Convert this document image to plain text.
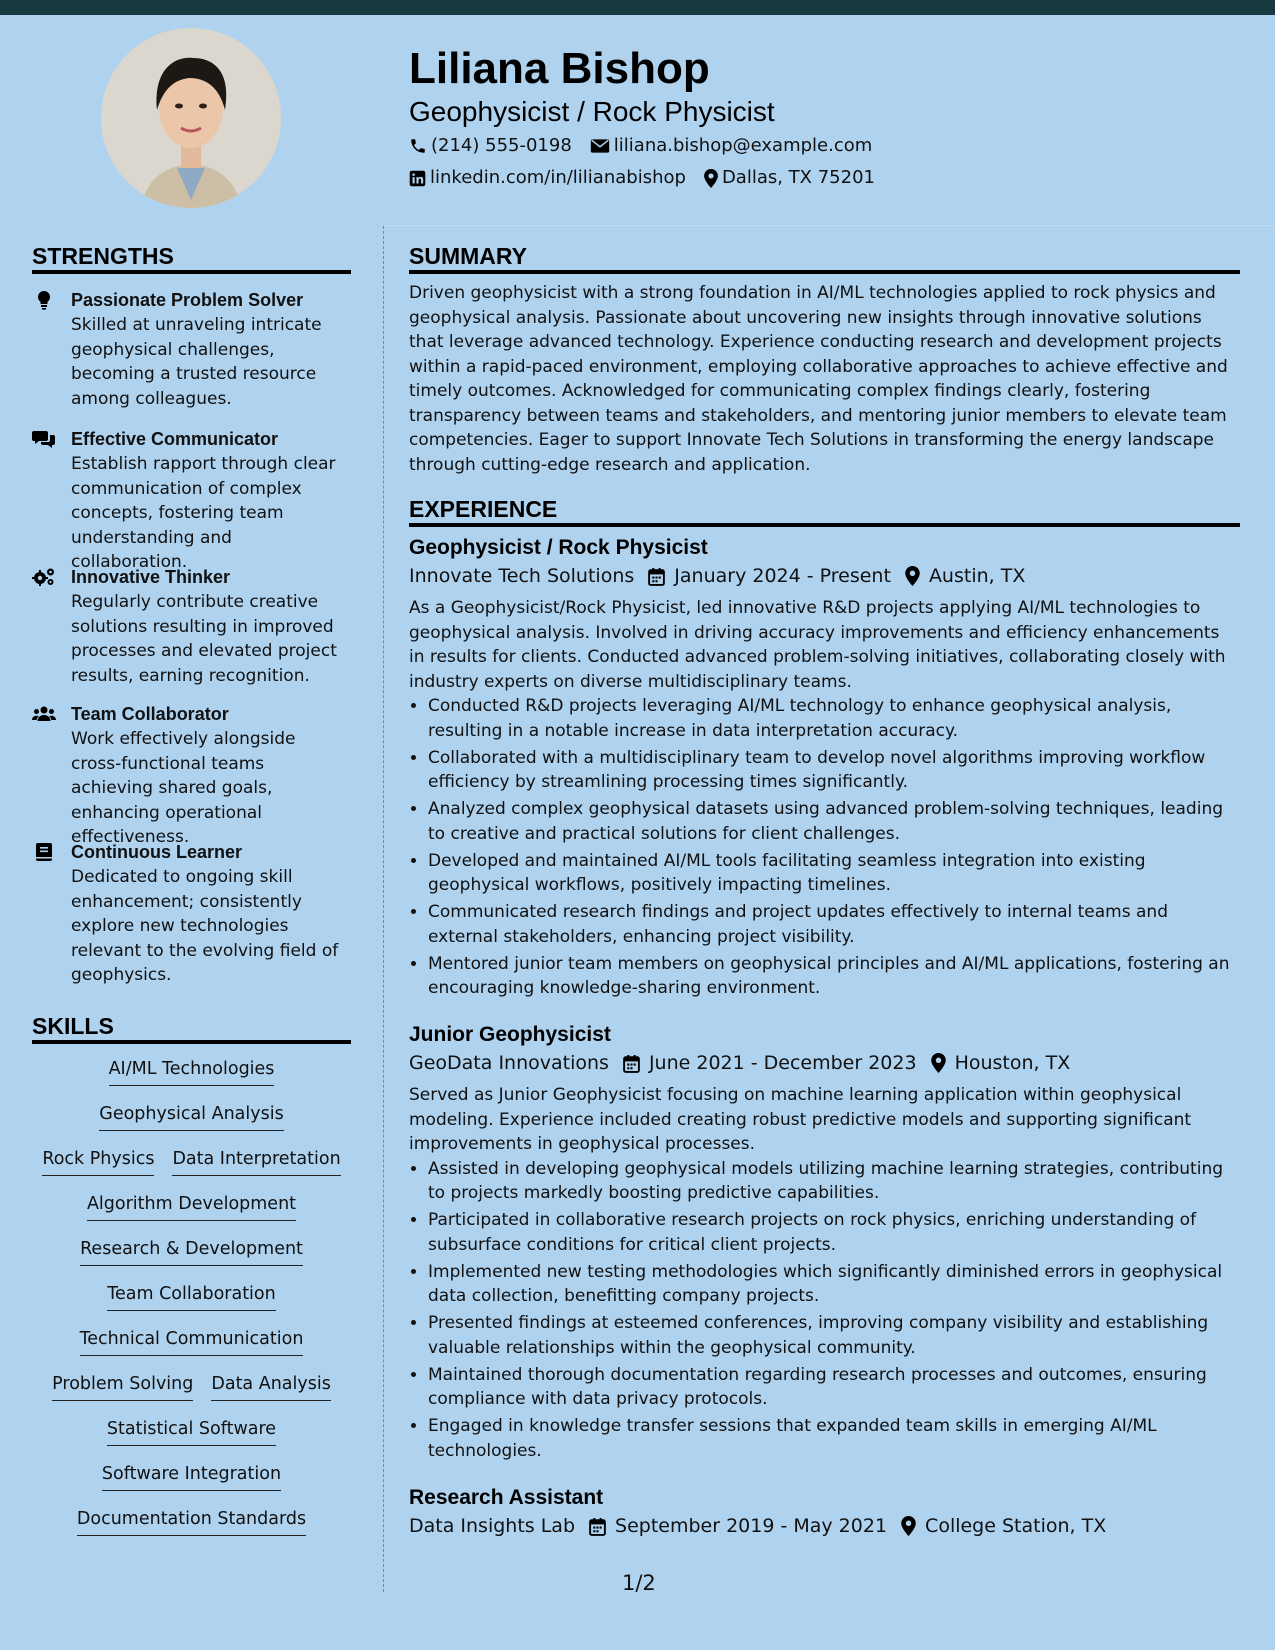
Liliana Bishop
Geophysicist / Rock Physicist
(214) 555-0198 liliana.bishop@example.com
linkedin.com/in/lilianabishop Dallas, TX 75201
STRENGTHS
Passionate Problem Solver
Skilled at unraveling intricate geophysical challenges, becoming a trusted resource among colleagues.
Effective Communicator
Establish rapport through clear communication of complex concepts, fostering team understanding and collaboration.
Innovative Thinker
Regularly contribute creative solutions resulting in improved processes and elevated project results, earning recognition.
Team Collaborator
Work effectively alongside cross-functional teams achieving shared goals, enhancing operational effectiveness.
Continuous Learner
Dedicated to ongoing skill enhancement; consistently explore new technologies relevant to the evolving field of geophysics.
SKILLS
AI/ML Technologies
Geophysical Analysis
Rock Physics Data Interpretation
Algorithm Development
Research & Development
Team Collaboration
Technical Communication
Problem Solving Data Analysis
Statistical Software
Software Integration
Documentation Standards
SUMMARY
Driven geophysicist with a strong foundation in AI/ML technologies applied to rock physics and geophysical analysis. Passionate about uncovering new insights through innovative solutions that leverage advanced technology. Experience conducting research and development projects within a rapid-paced environment, employing collaborative approaches to achieve effective and timely outcomes. Acknowledged for communicating complex findings clearly, fostering transparency between teams and stakeholders, and mentoring junior members to elevate team competencies. Eager to support Innovate Tech Solutions in transforming the energy landscape through cutting-edge research and application.
EXPERIENCE
Geophysicist / Rock Physicist
Innovate Tech Solutions January 2024 - Present Austin, TX
As a Geophysicist/Rock Physicist, led innovative R&D projects applying AI/ML technologies to geophysical analysis. Involved in driving accuracy improvements and efficiency enhancements in results for clients. Conducted advanced problem-solving initiatives, collaborating closely with industry experts on diverse multidisciplinary teams.
• Conducted R&D projects leveraging AI/ML technology to enhance geophysical analysis, resulting in a notable increase in data interpretation accuracy.
• Collaborated with a multidisciplinary team to develop novel algorithms improving workflow efficiency by streamlining processing times significantly.
• Analyzed complex geophysical datasets using advanced problem-solving techniques, leading to creative and practical solutions for client challenges.
• Developed and maintained AI/ML tools facilitating seamless integration into existing geophysical workflows, positively impacting timelines.
• Communicated research findings and project updates effectively to internal teams and external stakeholders, enhancing project visibility.
• Mentored junior team members on geophysical principles and AI/ML applications, fostering an encouraging knowledge-sharing environment.
Junior Geophysicist
GeoData Innovations June 2021 - December 2023 Houston, TX
Served as Junior Geophysicist focusing on machine learning application within geophysical modeling. Experience included creating robust predictive models and supporting significant improvements in geophysical processes.
• Assisted in developing geophysical models utilizing machine learning strategies, contributing to projects markedly boosting predictive capabilities.
• Participated in collaborative research projects on rock physics, enriching understanding of subsurface conditions for critical client projects.
• Implemented new testing methodologies which significantly diminished errors in geophysical data collection, benefitting company projects.
• Presented findings at esteemed conferences, improving company visibility and establishing valuable relationships within the geophysical community.
• Maintained thorough documentation regarding research processes and outcomes, ensuring compliance with data privacy protocols.
• Engaged in knowledge transfer sessions that expanded team skills in emerging AI/ML technologies.
Research Assistant
Data Insights Lab September 2019 - May 2021 College Station, TX
1/2
